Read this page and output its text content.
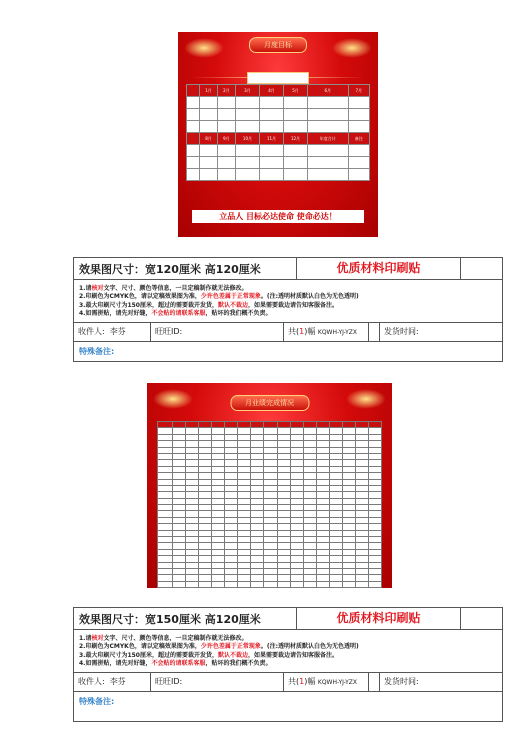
月度目标
	1月	2月	3月	4月	5月	6月	7月

	8月	9月	10月	11月	12月	年度合计	备注

立品人 目标必达使命 使命必达！
效果图尺寸：宽120厘米 高120厘米	优质材料印刷贴
1.请核对文字、尺寸、颜色等信息，一旦定稿制作就无法修改。
2.印刷色为CMYK色，请以定稿效果图为准，少许色差属于正常现象。(注:透明材质默认白色为无色透明)
3.最大印刷尺寸为150厘米，超过的需要裁开发货，默认不裁边，如果需要裁边请告知客服备注。
4.如需拼贴，请先对好缝，不会贴的请联系客服，贴坏的我们概不负责。
收件人: 李芬	旺旺ID:	共(1)幅 KQWH-YJ-YZX	发货时间:
特殊备注:
月业绩完成情况

效果图尺寸：宽150厘米 高120厘米	优质材料印刷贴
1.请核对文字、尺寸、颜色等信息，一旦定稿制作就无法修改。
2.印刷色为CMYK色，请以定稿效果图为准，少许色差属于正常现象。(注:透明材质默认白色为无色透明)
3.最大印刷尺寸为150厘米，超过的需要裁开发货，默认不裁边，如果需要裁边请告知客服备注。
4.如需拼贴，请先对好缝，不会贴的请联系客服，贴坏的我们概不负责。
收件人: 李芬	旺旺ID:	共(1)幅 KQWH-YJ-YZX	发货时间:
特殊备注:
